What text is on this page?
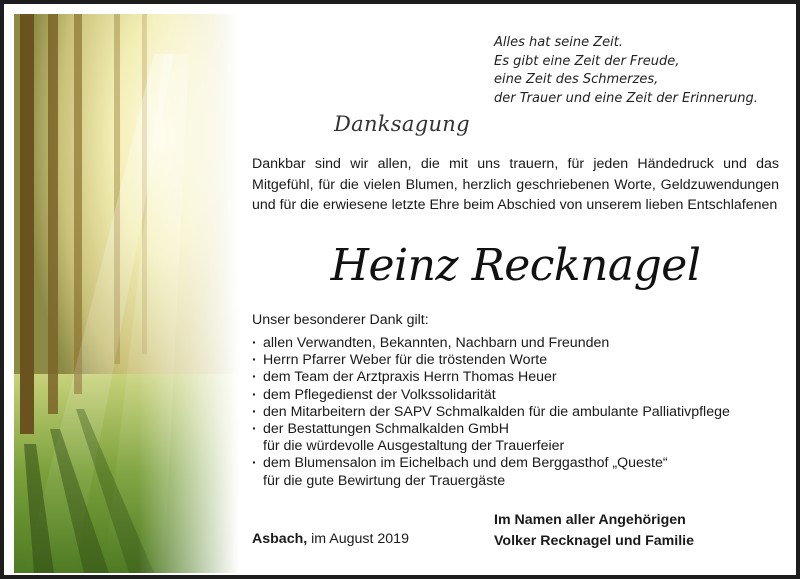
Alles hat seine Zeit.
Es gibt eine Zeit der Freude,
eine Zeit des Schmerzes,
der Trauer und eine Zeit der Erinnerung.
Danksagung
Dankbar sind wir allen, die mit uns trauern, für jeden Händedruck und das Mitgefühl, für die vielen Blumen, herzlich geschriebenen Worte, Geldzuwendungen und für die erwiesene letzte Ehre beim Abschied von unserem lieben Entschlafenen
Heinz Recknagel
Unser besonderer Dank gilt:
· allen Verwandten, Bekannten, Nachbarn und Freunden
· Herrn Pfarrer Weber für die tröstenden Worte
· dem Team der Arztpraxis Herrn Thomas Heuer
· dem Pflegedienst der Volkssolidarität
· den Mitarbeitern der SAPV Schmalkalden für die ambulante Palliativpflege
· der Bestattungen Schmalkalden GmbH
für die würdevolle Ausgestaltung der Trauerfeier
· dem Blumensalon im Eichelbach und dem Berggasthof „Queste“
für die gute Bewirtung der Trauergäste
Asbach, im August 2019
Im Namen aller Angehörigen
Volker Recknagel und Familie
